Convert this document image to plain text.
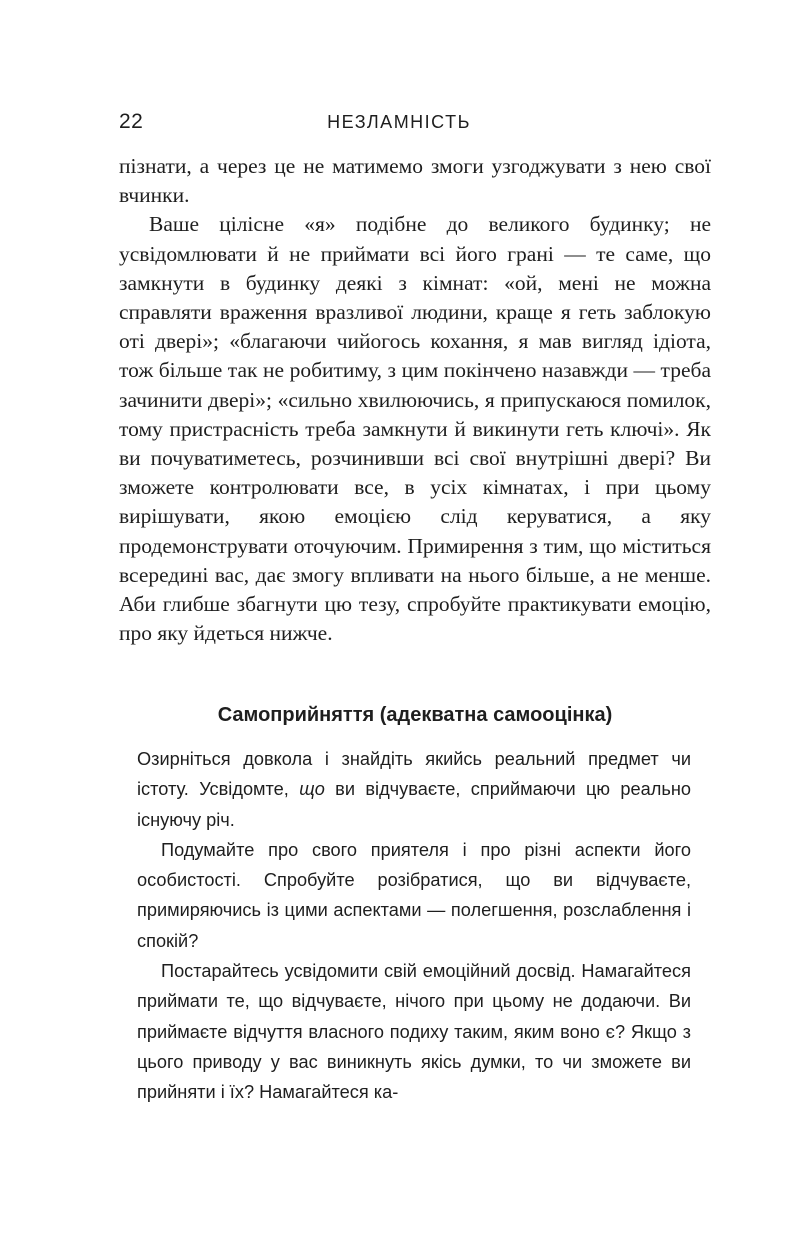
22	НЕЗЛАМНІСТЬ

пізнати, а через це не матимемо змоги узгоджувати з нею свої вчинки.

Ваше цілісне «я» подібне до великого будинку; не усвідомлювати й не приймати всі його грані — те саме, що замкнути в будинку деякі з кімнат: «ой, мені не можна справляти враження вразливої людини, краще я геть заблокую оті двері»; «благаючи чийогось кохання, я мав вигляд ідіота, тож більше так не робитиму, з цим покінчено назавжди — треба зачинити двері»; «сильно хвилюючись, я припускаюся помилок, тому пристрасність треба замкнути й викинути геть ключі». Як ви почуватиметесь, розчинивши всі свої внутрішні двері? Ви зможете контролювати все, в усіх кімнатах, і при цьому вирішувати, якою емоцією слід керуватися, а яку продемонструвати оточуючим. Примирення з тим, що міститься всередині вас, дає змогу впливати на нього більше, а не менше. Аби глибше збагнути цю тезу, спробуйте практикувати емоцію, про яку йдеться нижче.

Самоприйняття (адекватна самооцінка)

Озирніться довкола і знайдіть якийсь реальний предмет чи істоту. Усвідомте, що ви відчуваєте, сприймаючи цю реально існуючу річ.

Подумайте про свого приятеля і про різні аспекти його особистості. Спробуйте розібратися, що ви відчуваєте, примиряючись із цими аспектами — полегшення, розслаблення і спокій?

Постарайтесь усвідомити свій емоційний досвід. Намагайтеся приймати те, що відчуваєте, нічого при цьому не додаючи. Ви приймаєте відчуття власного подиху таким, яким воно є? Якщо з цього приводу у вас виникнуть якісь думки, то чи зможете ви прийняти і їх? Намагайтеся ка-
